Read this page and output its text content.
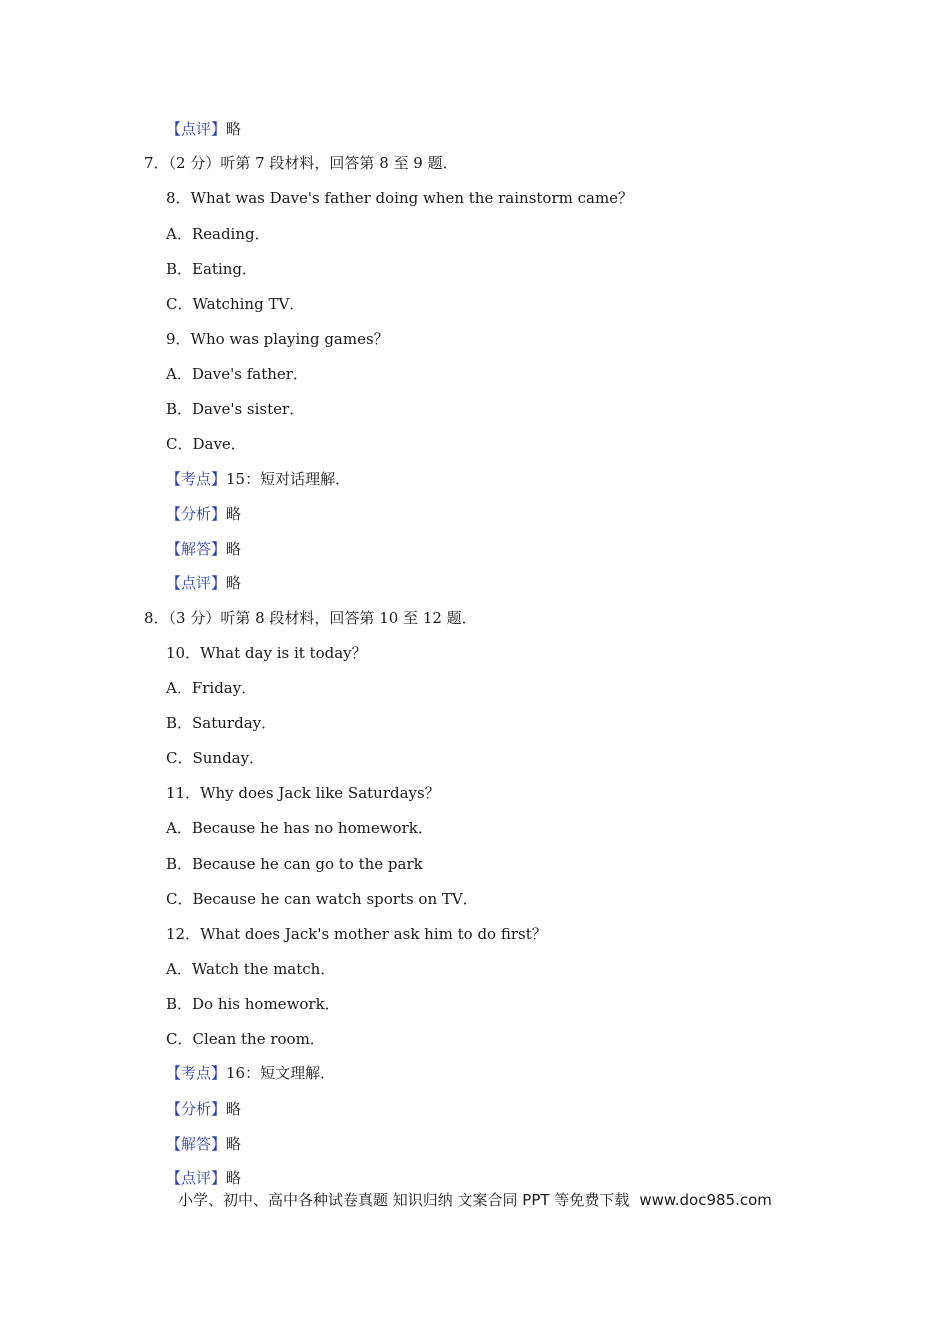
【点评】略

7．（2 分）听第 7 段材料，回答第 8 至 9 题．

8．What was Dave's father doing when the rainstorm came？

A．Reading．

B．Eating．

C．Watching TV．

9．Who was playing games？

A．Dave's father．

B．Dave's sister．

C．Dave．

【考点】15：短对话理解．

【分析】略

【解答】略

【点评】略

8．（3 分）听第 8 段材料，回答第 10 至 12 题．

10．What day is it today？

A．Friday．

B．Saturday．

C．Sunday．

11．Why does Jack like Saturdays？

A．Because he has no homework．

B．Because he can go to the park

C．Because he can watch sports on TV．

12．What does Jack's mother ask him to do first？

A．Watch the match．

B．Do his homework．

C．Clean the room．

【考点】16：短文理解．

【分析】略

【解答】略

【点评】略

小学、初中、高中各种试卷真题 知识归纳 文案合同 PPT 等免费下载 www.doc985.com
